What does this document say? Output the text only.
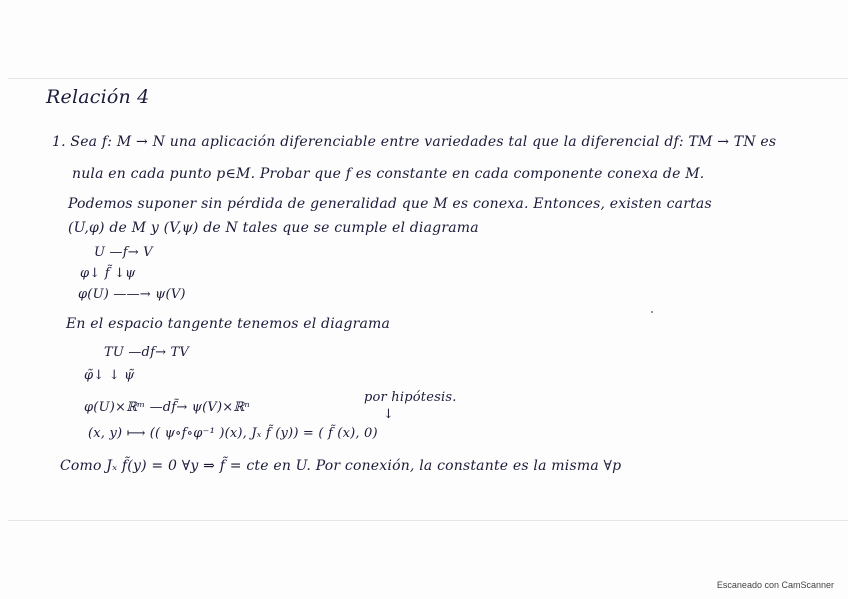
Relación 4
1. Sea f: M → N una aplicación diferenciable entre variedades tal que la diferencial df: TM → TN es
nula en cada punto p∈M. Probar que f es constante en cada componente conexa de M.
Podemos suponer sin pérdida de generalidad que M es conexa. Entonces, existen cartas
(U,φ) de M y (V,ψ) de N tales que se cumple el diagrama
U —f→ V
φ↓ f̃ ↓ψ
φ(U) ——→ ψ(V)
En el espacio tangente tenemos el diagrama
TU —df→ TV
φ̃↓ ↓ ψ̃
por hipótesis.
↓
φ(U)×ℝᵐ —df̃→ ψ(V)×ℝⁿ
(x, y) ⟼ (( ψ∘f∘φ⁻¹ )(x), Jₓ f̃ (y)) = ( f̃ (x), 0)
Como Jₓ f̃(y) = 0 ∀y ⇒ f̃ = cte en U. Por conexión, la constante es la misma ∀p
Escaneado con CamScanner
